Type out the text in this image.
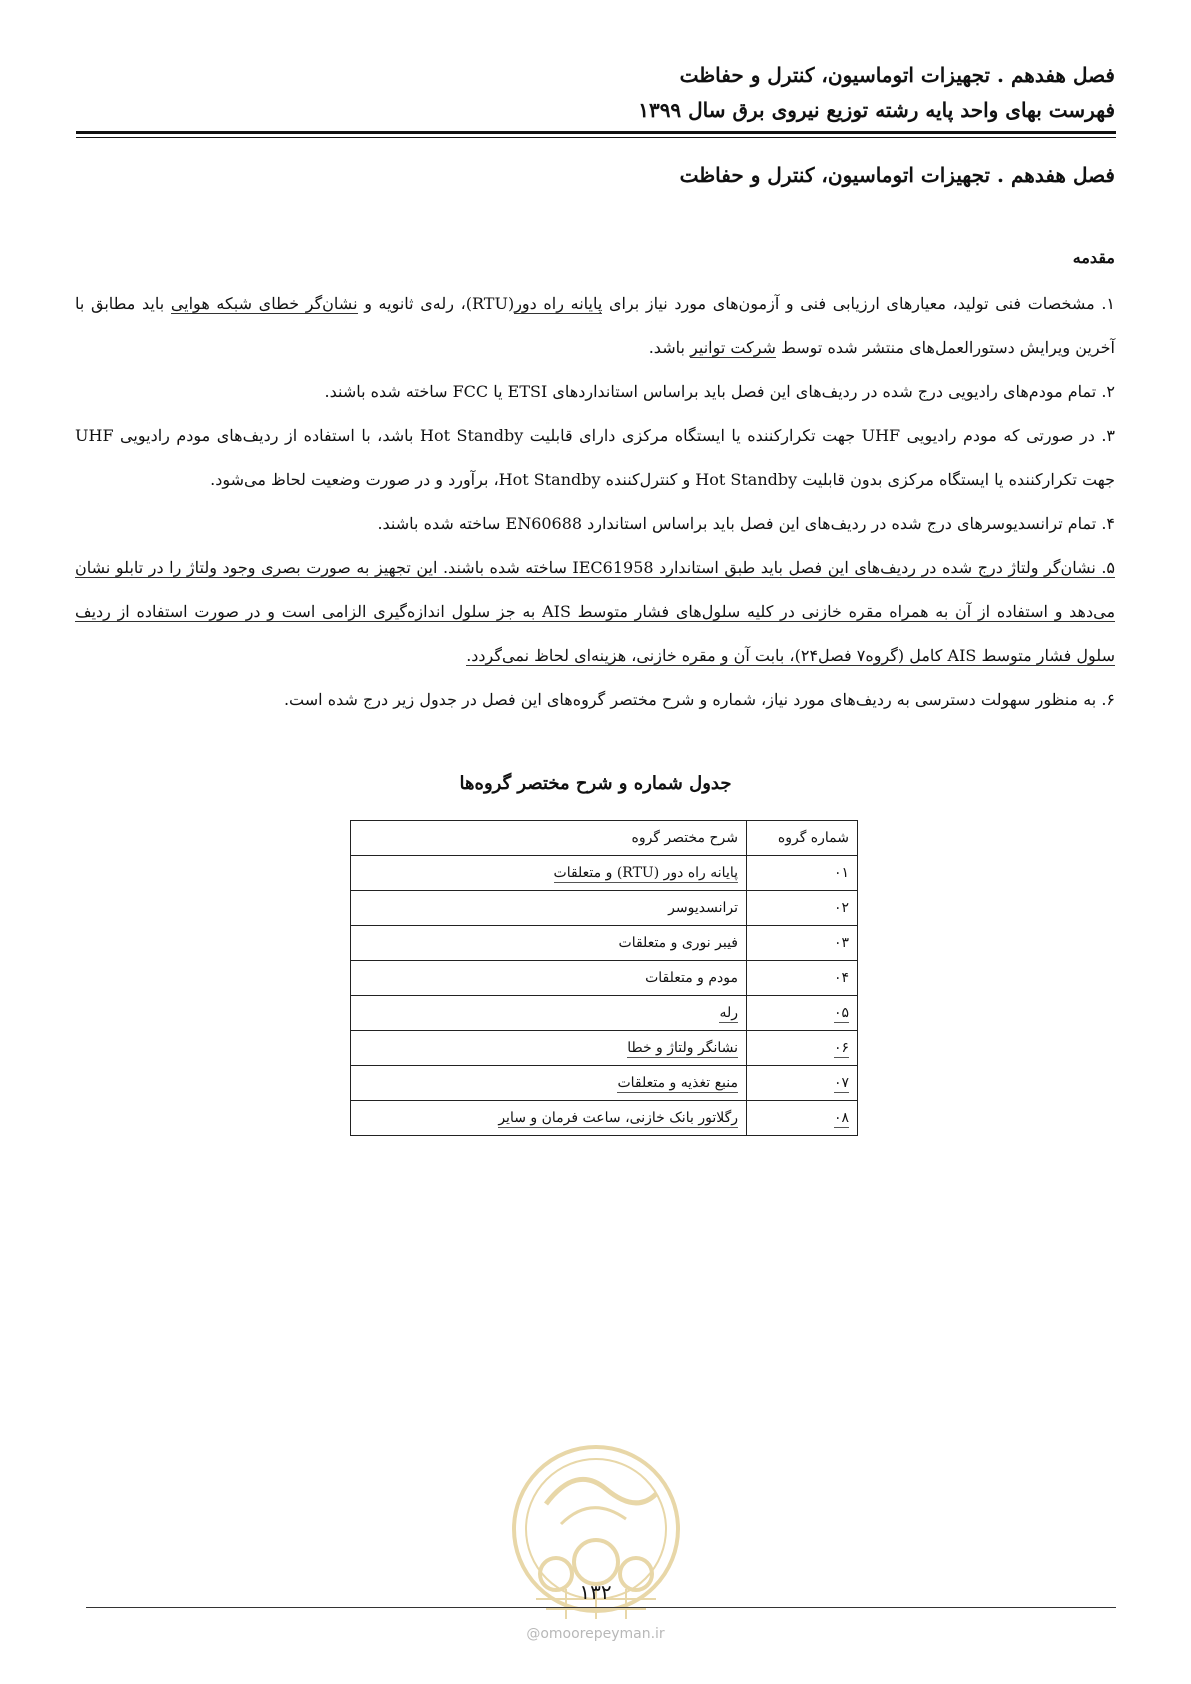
فصل هفدهم . تجهیزات اتوماسیون، کنترل و حفاظت
فهرست بهای واحد پایه رشته توزیع نیروی برق سال ۱۳۹۹
فصل هفدهم . تجهیزات اتوماسیون، کنترل و حفاظت
مقدمه

۱. مشخصات فنی تولید، معیارهای ارزیابی فنی و آزمون‌های مورد نیاز برای پایانه راه دور(RTU)، رله‌ی ثانویه و نشان‌گر خطای شبکه هوایی باید مطابق با آخرین ویرایش دستورالعمل‌های منتشر شده توسط شرکت توانیر باشد.

۲. تمام مودم‌های رادیویی درج شده در ردیف‌های این فصل باید براساس استانداردهای ETSI یا FCC ساخته شده باشند.

۳. در صورتی که مودم رادیویی UHF جهت تکرارکننده یا ایستگاه مرکزی دارای قابلیت Hot Standby باشد، با استفاده از ردیف‌های مودم رادیویی UHF جهت تکرارکننده یا ایستگاه مرکزی بدون قابلیت Hot Standby و کنترل‌کننده Hot Standby، برآورد و در صورت وضعیت لحاظ می‌شود.

۴. تمام ترانسدیوسرهای درج شده در ردیف‌های این فصل باید براساس استاندارد EN60688 ساخته شده باشند.

۵. نشان‌گر ولتاژ درج شده در ردیف‌های این فصل باید طبق استاندارد IEC61958 ساخته شده باشند. این تجهیز به صورت بصری وجود ولتاژ را در تابلو نشان می‌دهد و استفاده از آن به همراه مقره خازنی در کلیه سلول‌های فشار متوسط AIS به جز سلول اندازه‌گیری الزامی است و در صورت استفاده از ردیف سلول فشار متوسط AIS کامل (گروه۷ فصل۲۴)، بابت آن و مقره خازنی، هزینه‌ای لحاظ نمی‌گردد.

۶. به منظور سهولت دسترسی به ردیف‌های مورد نیاز، شماره و شرح مختصر گروه‌های این فصل در جدول زیر درج شده است.

جدول شماره و شرح مختصر گروه‌ها
شماره گروه	شرح مختصر گروه
۰۱	پایانه راه دور (RTU) و متعلقات
۰۲	ترانسدیوسر
۰۳	فیبر نوری و متعلقات
۰۴	مودم و متعلقات
۰۵	رله
۰۶	نشانگر ولتاژ و خطا
۰۷	منبع تغذیه و متعلقات
۰۸	رگلاتور بانک خازنی، ساعت فرمان و سایر
۱۳۲
@omoorepeyman.ir
